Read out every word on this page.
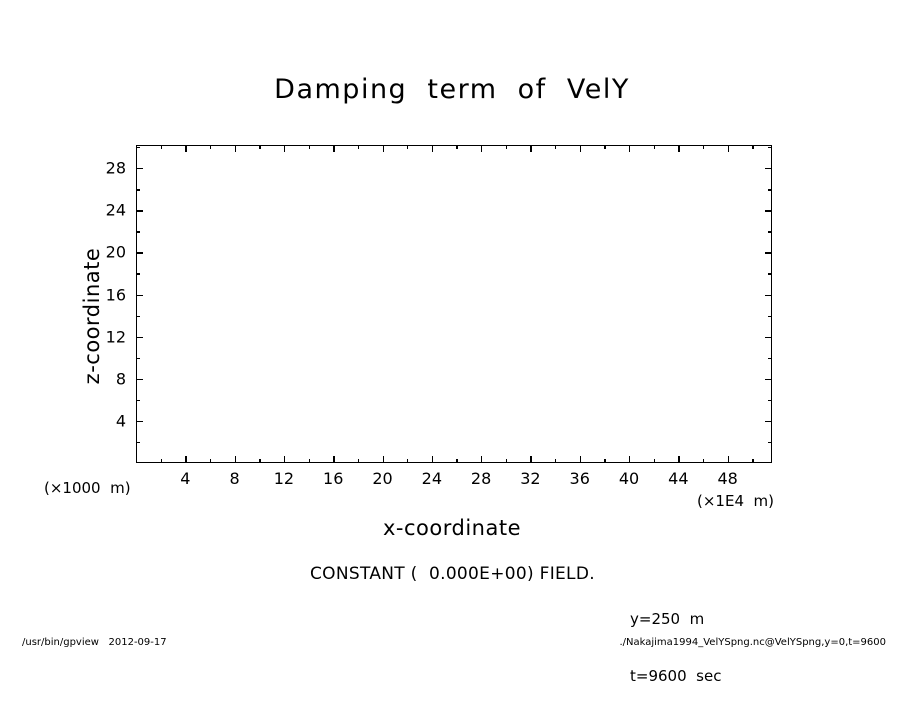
Damping  term  of  VelY
4 8 12 16 20 24 28 32 36 40 44 48
4
8
12
16
20
24
28
z-coordinate
x-coordinate
(×1000  m)
(×1E4  m)
CONSTANT (  0.000E+00) FIELD.

y=250  m

t=9600  sec

/usr/bin/gpview   2012-09-17	./Nakajima1994_VelYSpng.nc@VelYSpng,y=0,t=9600
